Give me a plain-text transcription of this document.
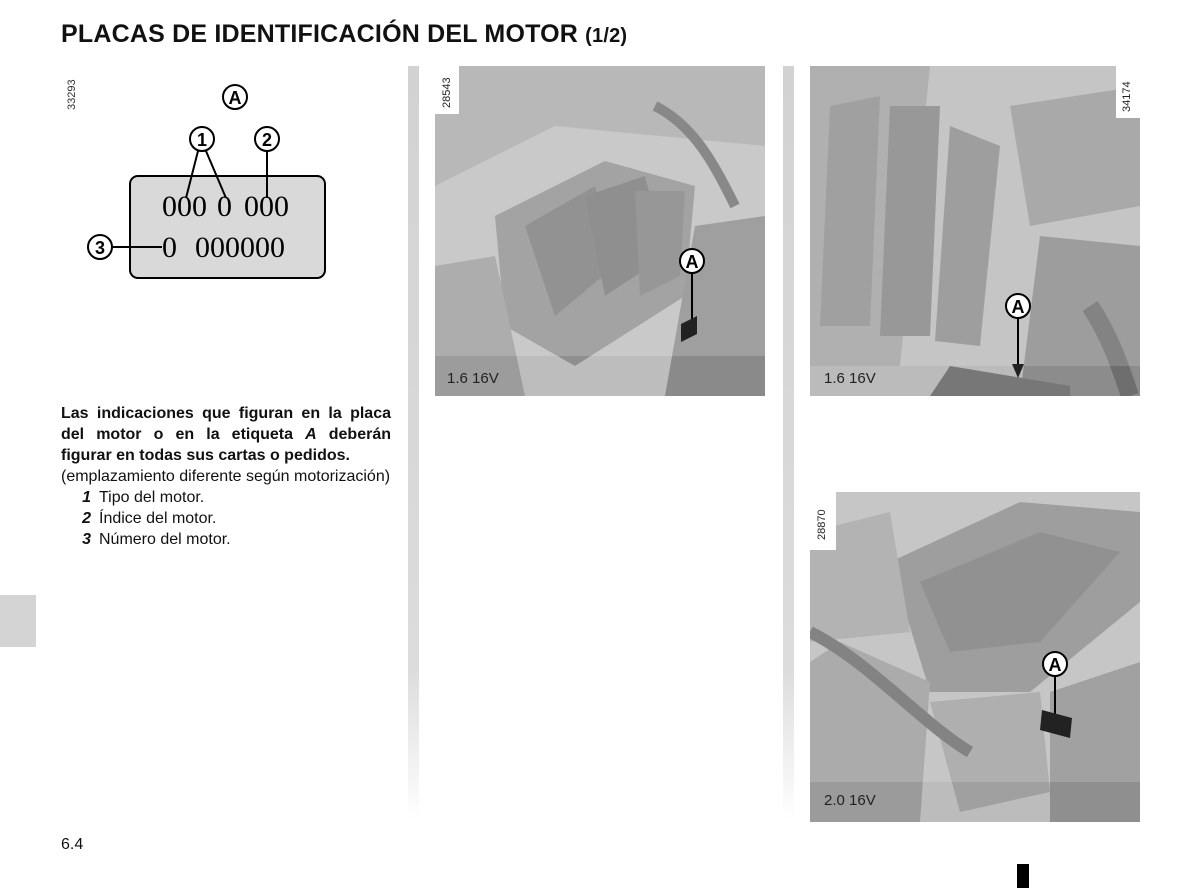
PLACAS DE IDENTIFICACIÓN DEL MOTOR (1/2)
33293	A
1	2
000 0 000
3 0 000000
Las indicaciones que figuran en la placa del motor o en la etiqueta A deberán figurar en todas sus cartas o pedidos.
(emplazamiento diferente según motorización)
1 Tipo del motor.
2 Índice del motor.
3 Número del motor.
A
28543
1.6 16V
A
34174
1.6 16V
A
28870
2.0 16V
6.4
